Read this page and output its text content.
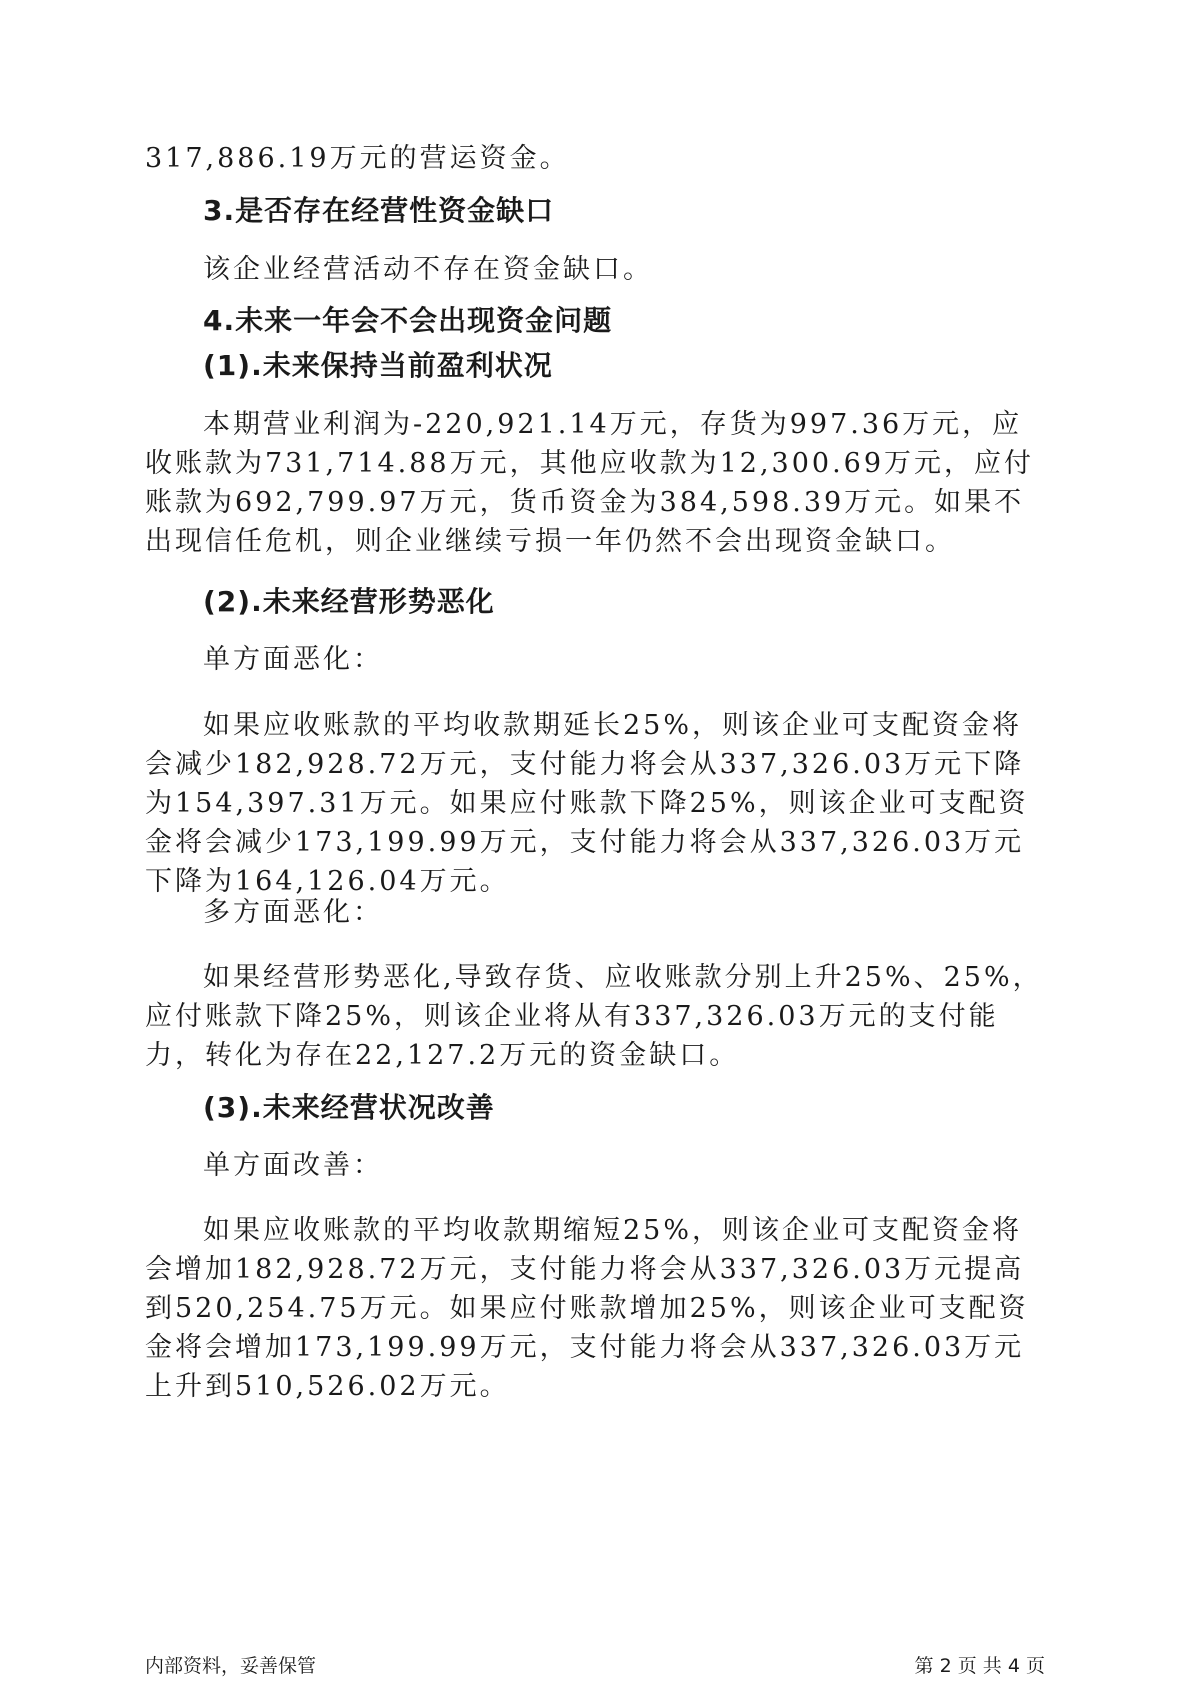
317,886.19万元的营运资金。

3.是否存在经营性资金缺口

该企业经营活动不存在资金缺口。

4.未来一年会不会出现资金问题
(1).未来保持当前盈利状况

本期营业利润为-220,921.14万元，存货为997.36万元，应收账款为731,714.88万元，其他应收款为12,300.69万元，应付账款为692,799.97万元，货币资金为384,598.39万元。如果不出现信任危机，则企业继续亏损一年仍然不会出现资金缺口。

(2).未来经营形势恶化

单方面恶化：

如果应收账款的平均收款期延长25%，则该企业可支配资金将会减少182,928.72万元，支付能力将会从337,326.03万元下降为154,397.31万元。如果应付账款下降25%，则该企业可支配资金将会减少173,199.99万元，支付能力将会从337,326.03万元下降为164,126.04万元。

多方面恶化：

如果经营形势恶化,导致存货、应收账款分别上升25%、25%，应付账款下降25%，则该企业将从有337,326.03万元的支付能力，转化为存在22,127.2万元的资金缺口。

(3).未来经营状况改善

单方面改善：

如果应收账款的平均收款期缩短25%，则该企业可支配资金将会增加182,928.72万元，支付能力将会从337,326.03万元提高到520,254.75万元。如果应付账款增加25%，则该企业可支配资金将会增加173,199.99万元，支付能力将会从337,326.03万元上升到510,526.02万元。

内部资料，妥善保管	第 2 页 共 4 页
